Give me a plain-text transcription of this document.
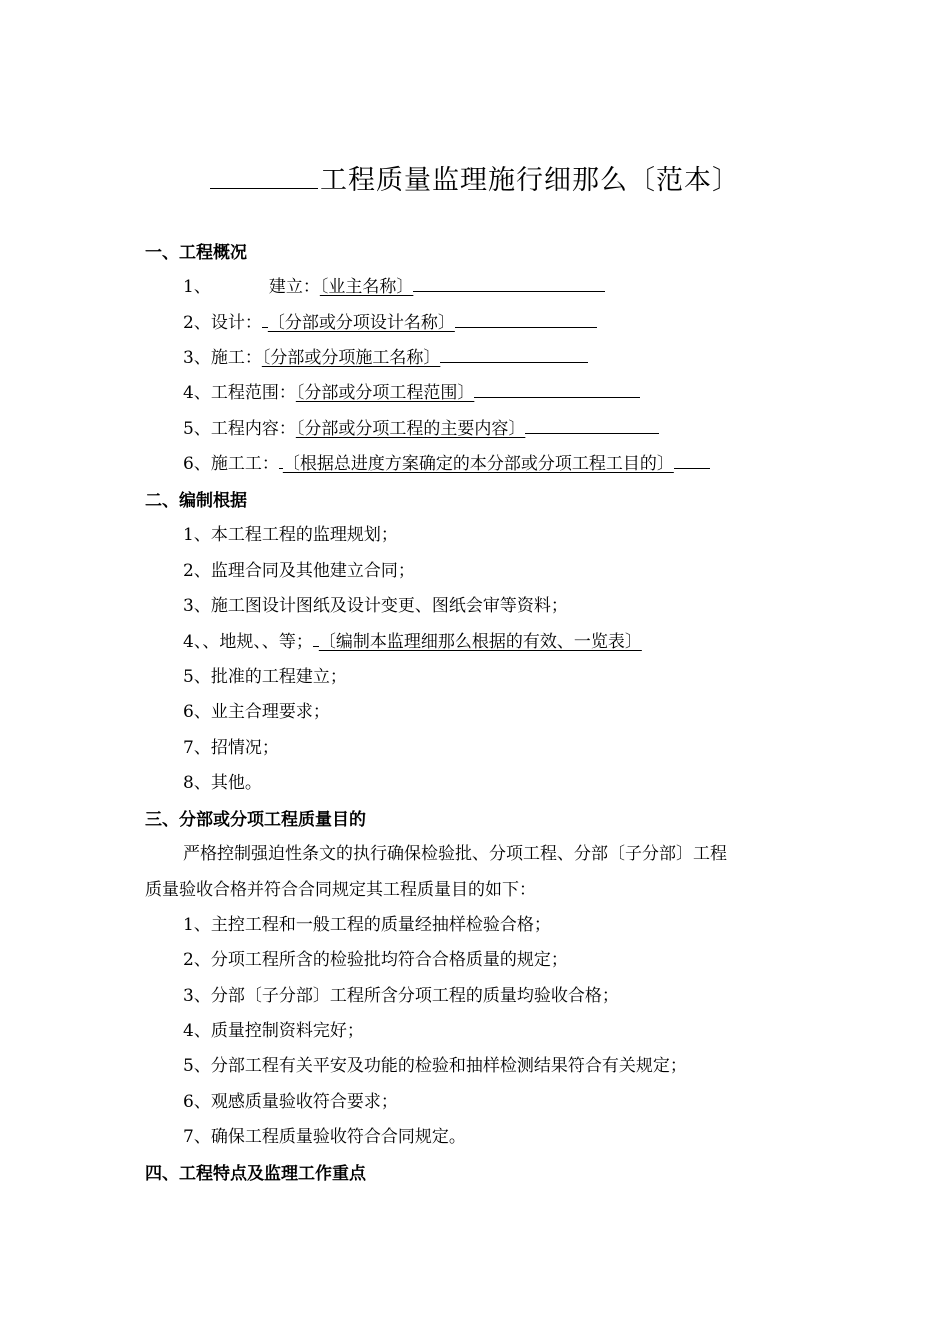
工程质量监理施行细那么〔范本〕
一、工程概况
1、	建立：〔业主名称〕
2、设计： 〔分部或分项设计名称〕
3、施工：〔分部或分项施工名称〕
4、工程范围：〔分部或分项工程范围〕
5、工程内容：〔分部或分项工程的主要内容〕
6、施工工： 〔根据总进度方案确定的本分部或分项工程工目的〕
二、编制根据
1、本工程工程的监理规划；
2、监理合同及其他建立合同；
3、施工图设计图纸及设计变更、图纸会审等资料；
4、、地规、、等； 〔编制本监理细那么根据的有效、一览表〕
5、批准的工程建立；
6、业主合理要求；
7、招情况；
8、其他。
三、分部或分项工程质量目的
严格控制强迫性条文的执行确保检验批、分项工程、分部〔子分部〕工程
质量验收合格并符合合同规定其工程质量目的如下：
1、主控工程和一般工程的质量经抽样检验合格；
2、分项工程所含的检验批均符合合格质量的规定；
3、分部〔子分部〕工程所含分项工程的质量均验收合格；
4、质量控制资料完好；
5、分部工程有关平安及功能的检验和抽样检测结果符合有关规定；
6、观感质量验收符合要求；
7、确保工程质量验收符合合同规定。
四、工程特点及监理工作重点
